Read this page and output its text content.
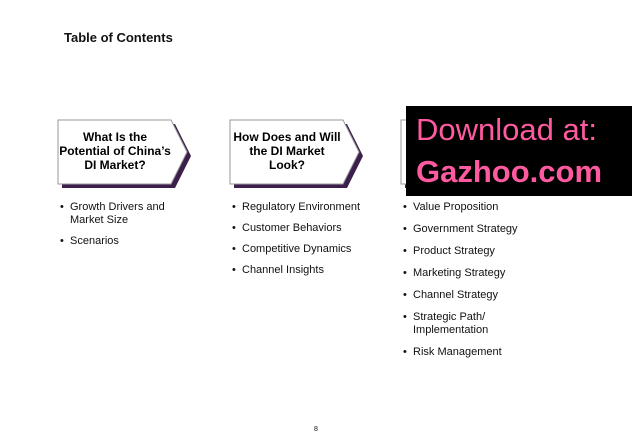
Table of Contents
What Is the Potential of China’s DI Market?
How Does and Will the DI Market Look?
• Growth Drivers and Market Size
• Scenarios
• Regulatory Environment
• Customer Behaviors
• Competitive Dynamics
• Channel Insights
• Value Proposition
• Government Strategy
• Product Strategy
• Marketing Strategy
• Channel Strategy
• Strategic Path/ Implementation
• Risk Management
Download at:
Gazhoo.com
8
